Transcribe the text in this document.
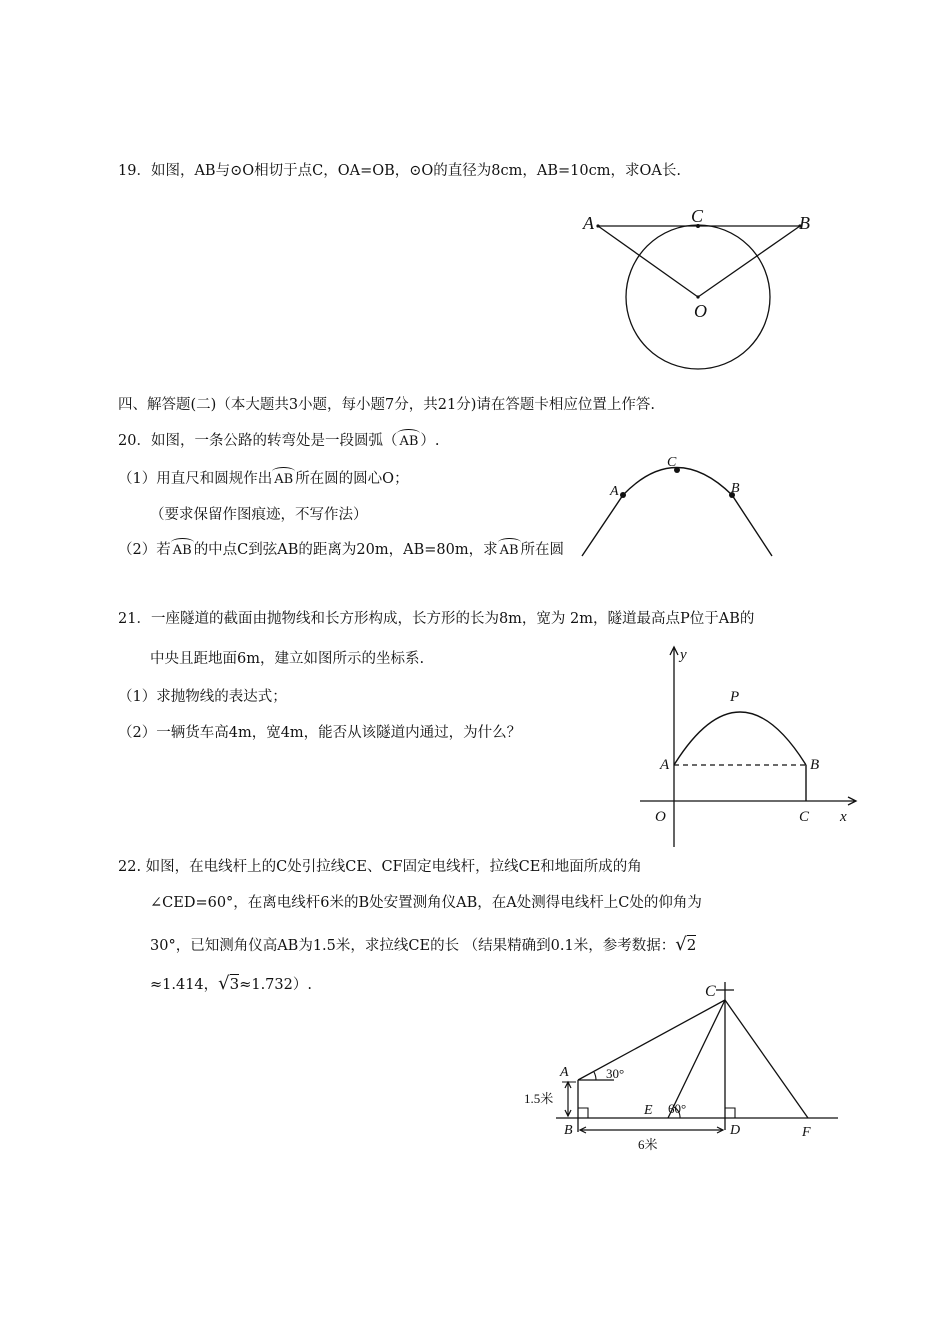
19．如图，AB与⊙O相切于点C，OA=OB，⊙O的直径为8cm，AB=10cm，求OA长.
A	C	B
O
四、解答题(二)（本大题共3小题，每小题7分，共21分)请在答题卡相应位置上作答.
20．如图，一条公路的转弯处是一段圆弧（ AB ）.
（1）用直尺和圆规作出 AB 所在圆的圆心O；
（要求保留作图痕迹，不写作法）
（2）若 AB 的中点C到弦AB的距离为20m，AB=80m，求 AB 所在圆
A
C
B
21．一座隧道的截面由抛物线和长方形构成，长方形的长为8m，宽为 2m，隧道最高点P位于AB的
中央且距地面6m，建立如图所示的坐标系.
（1）求抛物线的表达式；
（2）一辆货车高4m，宽4m，能否从该隧道内通过，为什么？
y
P
A	B
O	C x
22. 如图，在电线杆上的C处引拉线CE、CF固定电线杆，拉线CE和地面所成的角
∠CED=60°，在离电线杆6米的B处安置测角仪AB，在A处测得电线杆上C处的仰角为
30°，已知测角仪高AB为1.5米，求拉线CE的长 （结果精确到0.1米，参考数据：√2
≈1.414，√3≈1.732）.	C
A
B	D
E
F
30°
60°
1.5米
6米
